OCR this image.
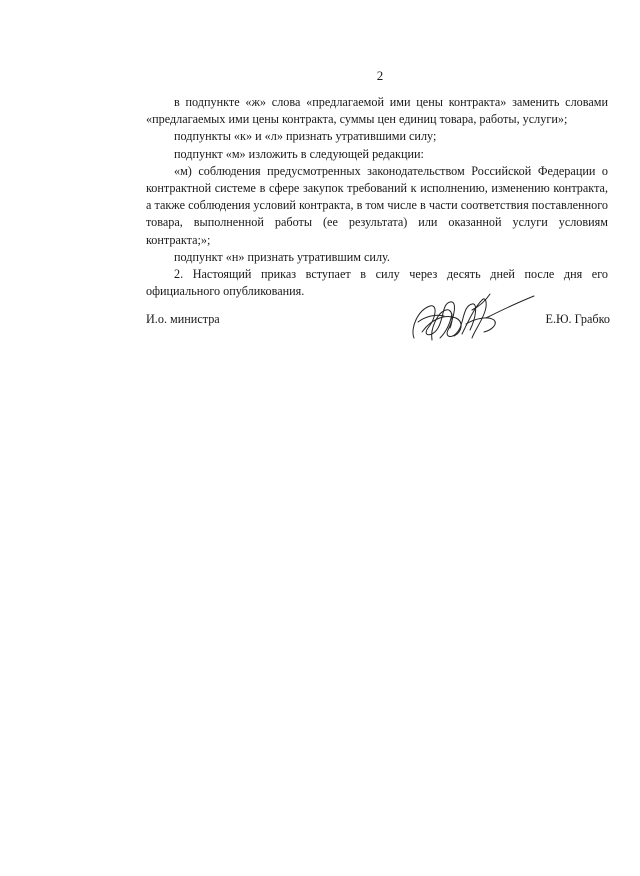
2

в подпункте «ж» слова «предлагаемой ими цены контракта» заменить словами «предлагаемых ими цены контракта, суммы цен единиц товара, работы, услуги»;

подпункты «к» и «л» признать утратившими силу;

подпункт «м» изложить в следующей редакции:

«м) соблюдения предусмотренных законодательством Российской Федерации о контрактной системе в сфере закупок требований к исполнению, изменению контракта, а также соблюдения условий контракта, в том числе в части соответствия поставленного товара, выполненной работы (ее результата) или оказанной услуги условиям контракта;»;

подпункт «н» признать утратившим силу.

2. Настоящий приказ вступает в силу через десять дней после дня его официального опубликования.

И.о. министра	Е.Ю. Грабко
